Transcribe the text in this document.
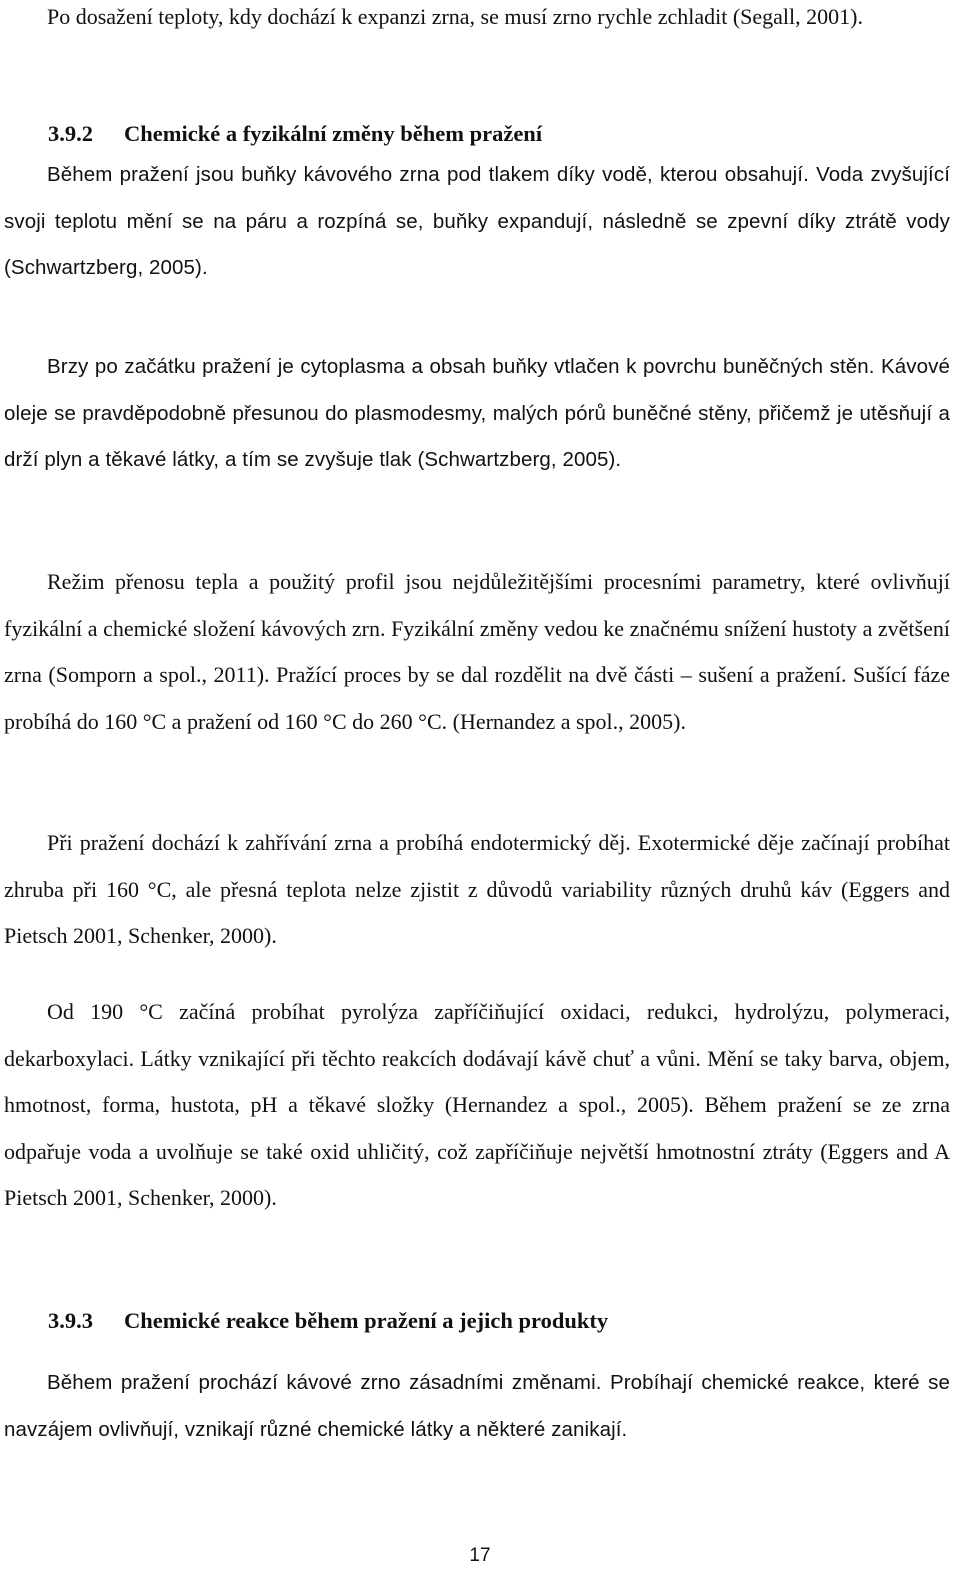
Po dosažení teploty, kdy dochází k expanzi zrna, se musí zrno rychle zchladit (Segall, 2001).

3.9.2 Chemické a fyzikální změny během pražení

Během pražení jsou buňky kávového zrna pod tlakem díky vodě, kterou obsahují. Voda zvyšující svoji teplotu mění se na páru a rozpíná se, buňky expandují, následně se zpevní díky ztrátě vody (Schwartzberg, 2005).

Brzy po začátku pražení je cytoplasma a obsah buňky vtlačen k povrchu buněčných stěn. Kávové oleje se pravděpodobně přesunou do plasmodesmy, malých pórů buněčné stěny, přičemž je utěsňují a drží plyn a těkavé látky, a tím se zvyšuje tlak (Schwartzberg, 2005).

Režim přenosu tepla a použitý profil jsou nejdůležitějšími procesními parametry, které ovlivňují fyzikální a chemické složení kávových zrn. Fyzikální změny vedou ke značnému snížení hustoty a zvětšení zrna (Somporn a spol., 2011). Pražící proces by se dal rozdělit na dvě části – sušení a pražení. Sušící fáze probíhá do 160 °C a pražení od 160 °C do 260 °C. (Hernandez a spol., 2005).

Při pražení dochází k zahřívání zrna a probíhá endotermický děj. Exotermické děje začínají probíhat zhruba při 160 °C, ale přesná teplota nelze zjistit z důvodů variability různých druhů káv (Eggers and Pietsch 2001, Schenker, 2000).

Od 190 °C začíná probíhat pyrolýza zapříčiňující oxidaci, redukci, hydrolýzu, polymeraci, dekarboxylaci. Látky vznikající při těchto reakcích dodávají kávě chuť a vůni. Mění se taky barva, objem, hmotnost, forma, hustota, pH a těkavé složky (Hernandez a spol., 2005). Během pražení se ze zrna odpařuje voda a uvolňuje se také oxid uhličitý, což zapříčiňuje největší hmotnostní ztráty (Eggers and A Pietsch 2001, Schenker, 2000).

3.9.3 Chemické reakce během pražení a jejich produkty

Během pražení prochází kávové zrno zásadními změnami. Probíhají chemické reakce, které se navzájem ovlivňují, vznikají různé chemické látky a některé zanikají.

17
